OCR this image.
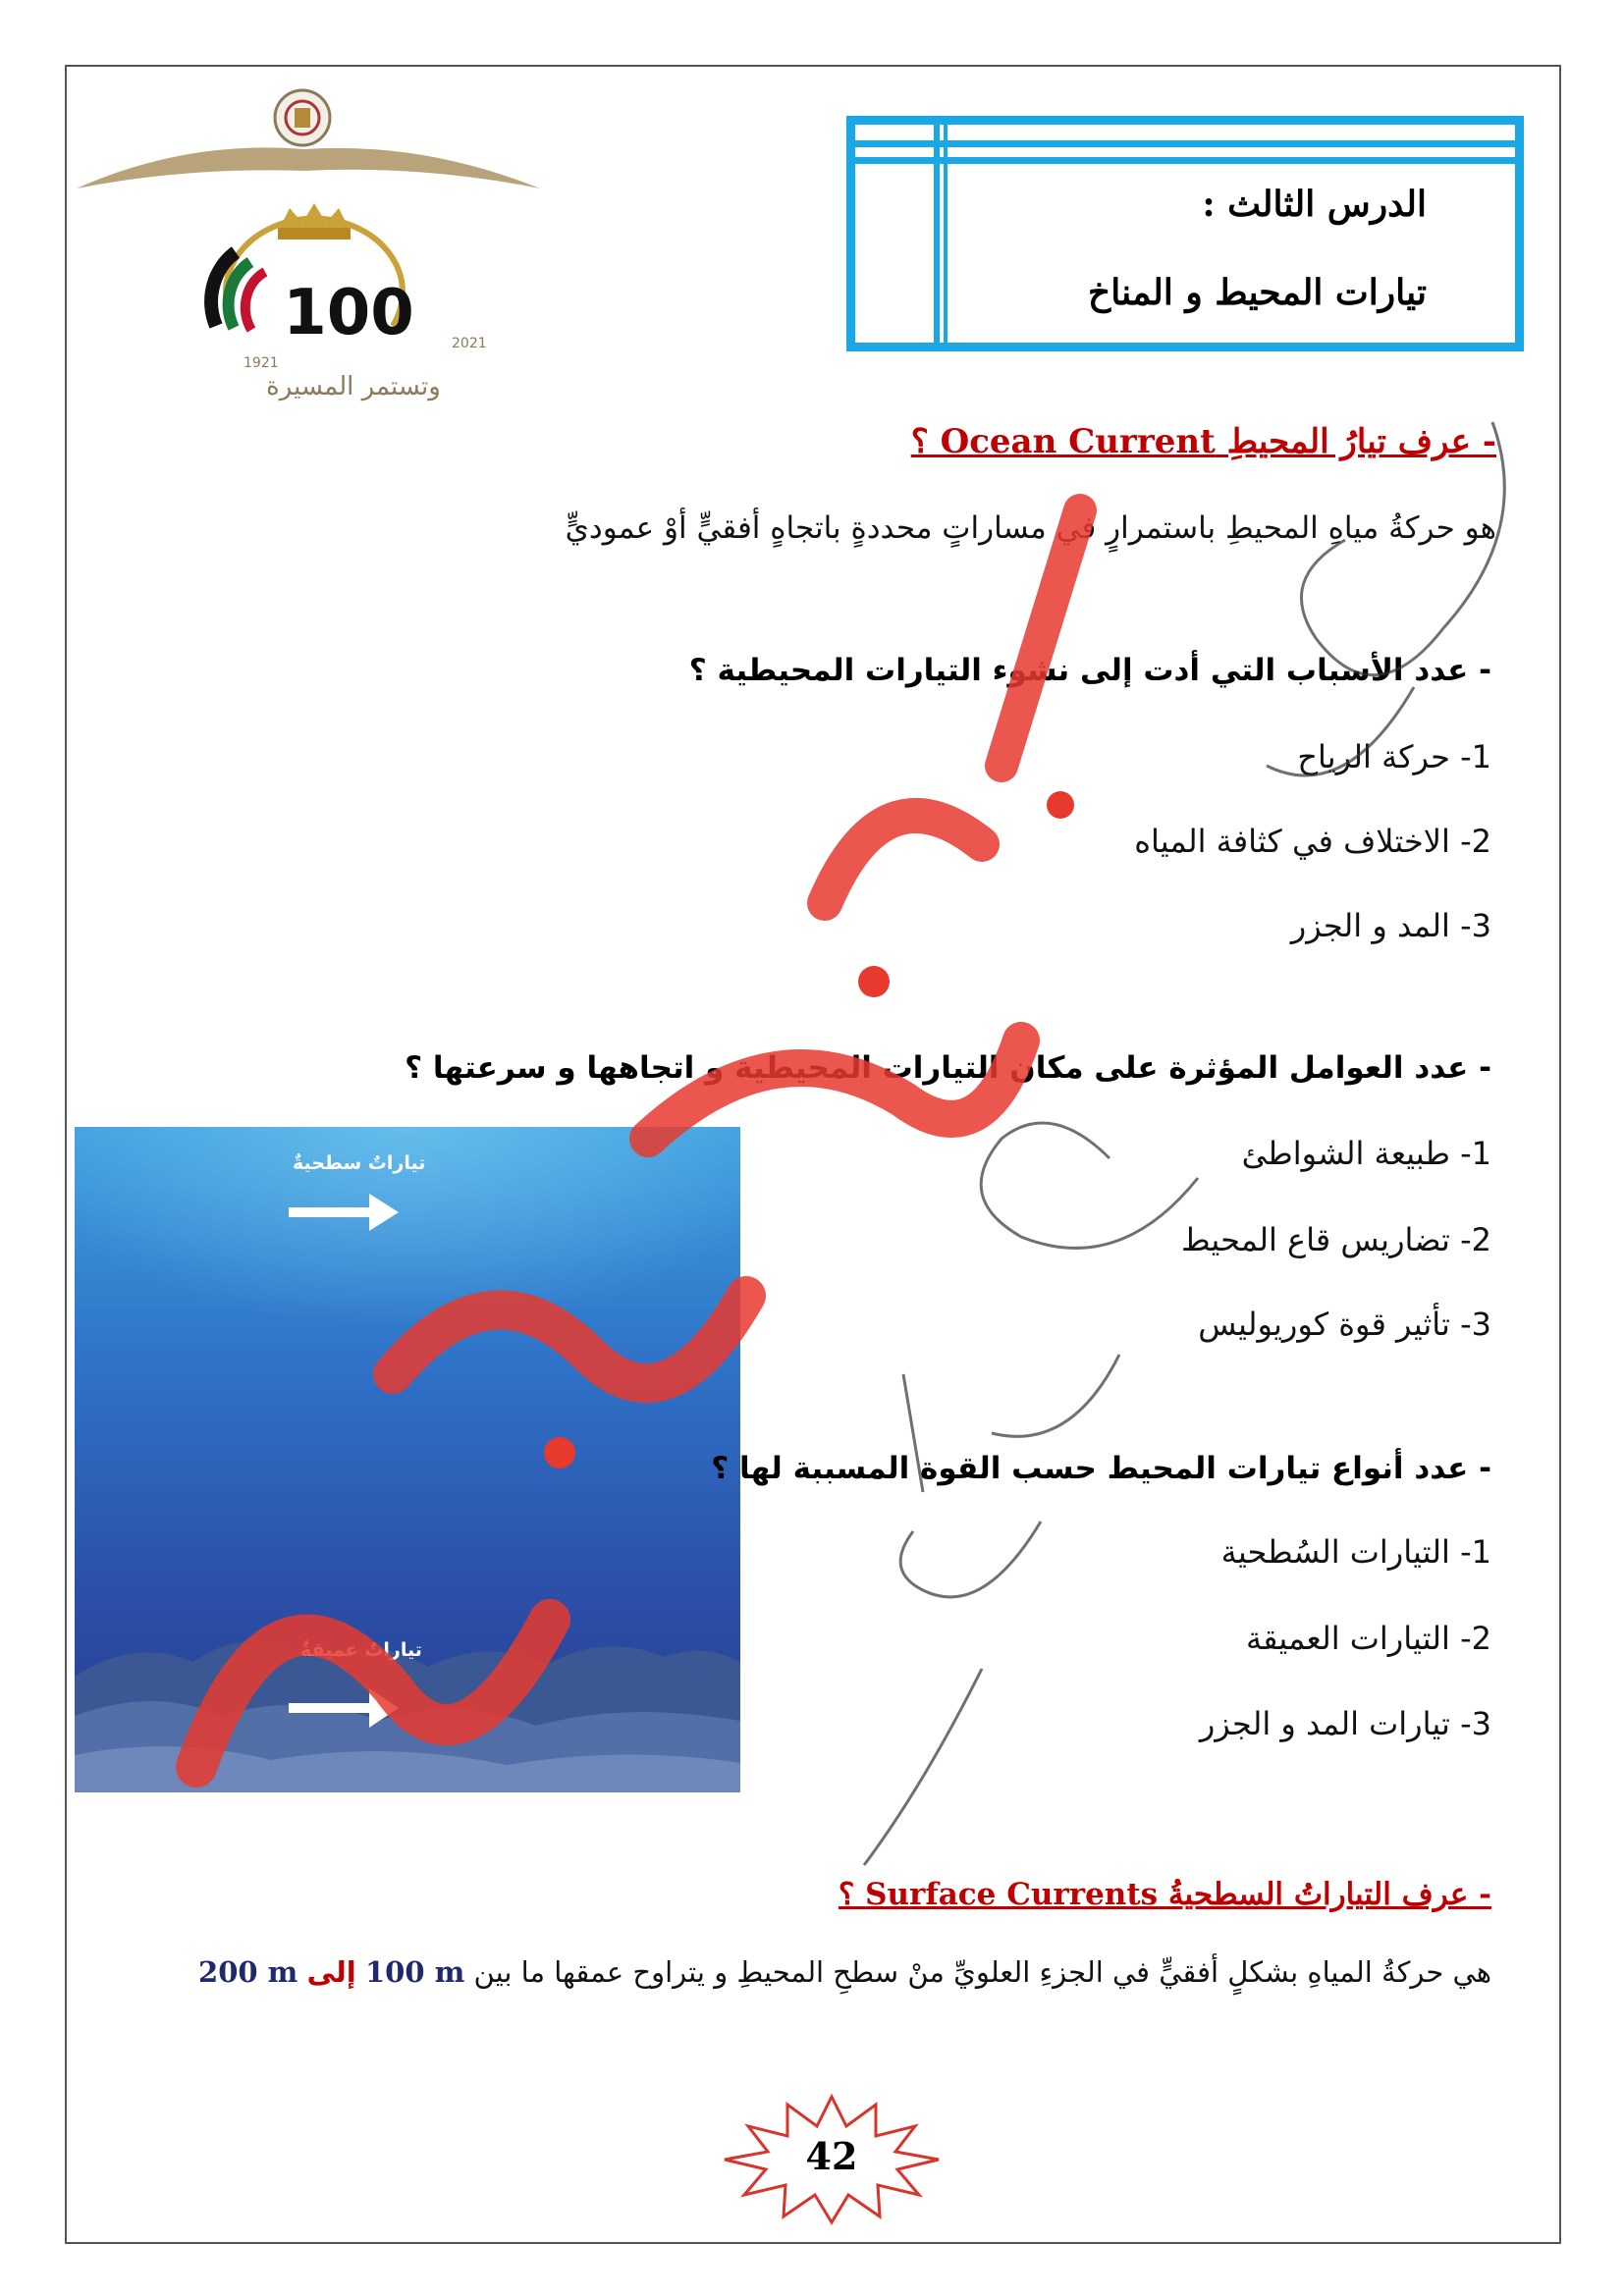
100
1921
2021
وتستمر المسيرة
الدرس الثالث :
تيارات المحيط و المناخ
- عرف تيارُ المحيطِ Ocean Current ؟
هو حركةُ مياهِ المحيطِ باستمرارٍ في مساراتٍ محددةٍ باتجاهٍ أفقيٍّ أوْ عموديٍّ
- عدد الأسباب التي أدت إلى نشوء التيارات المحيطية ؟
1- حركة الرياح
2- الاختلاف في كثافة المياه
3- المد و الجزر
- عدد العوامل المؤثرة على مكان التيارات المحيطية و اتجاهها و سرعتها ؟
1- طبيعة الشواطئ
2- تضاريس قاع المحيط
3- تأثير قوة كوريوليس
تياراتٌ سطحيةٌ
تياراتٌ عميقةٌ
- عدد أنواع تيارات المحيط حسب القوة المسببة لها ؟
1- التيارات السُطحية
2- التيارات العميقة
3- تيارات المد و الجزر
- عرف التياراتُ السطحيةُ Surface Currents ؟
هي حركةُ المياهِ بشكلٍ أفقيٍّ في الجزءِ العلويِّ منْ سطحِ المحيطِ و يتراوح عمقها ما بين 100 m إلى 200 m
42
